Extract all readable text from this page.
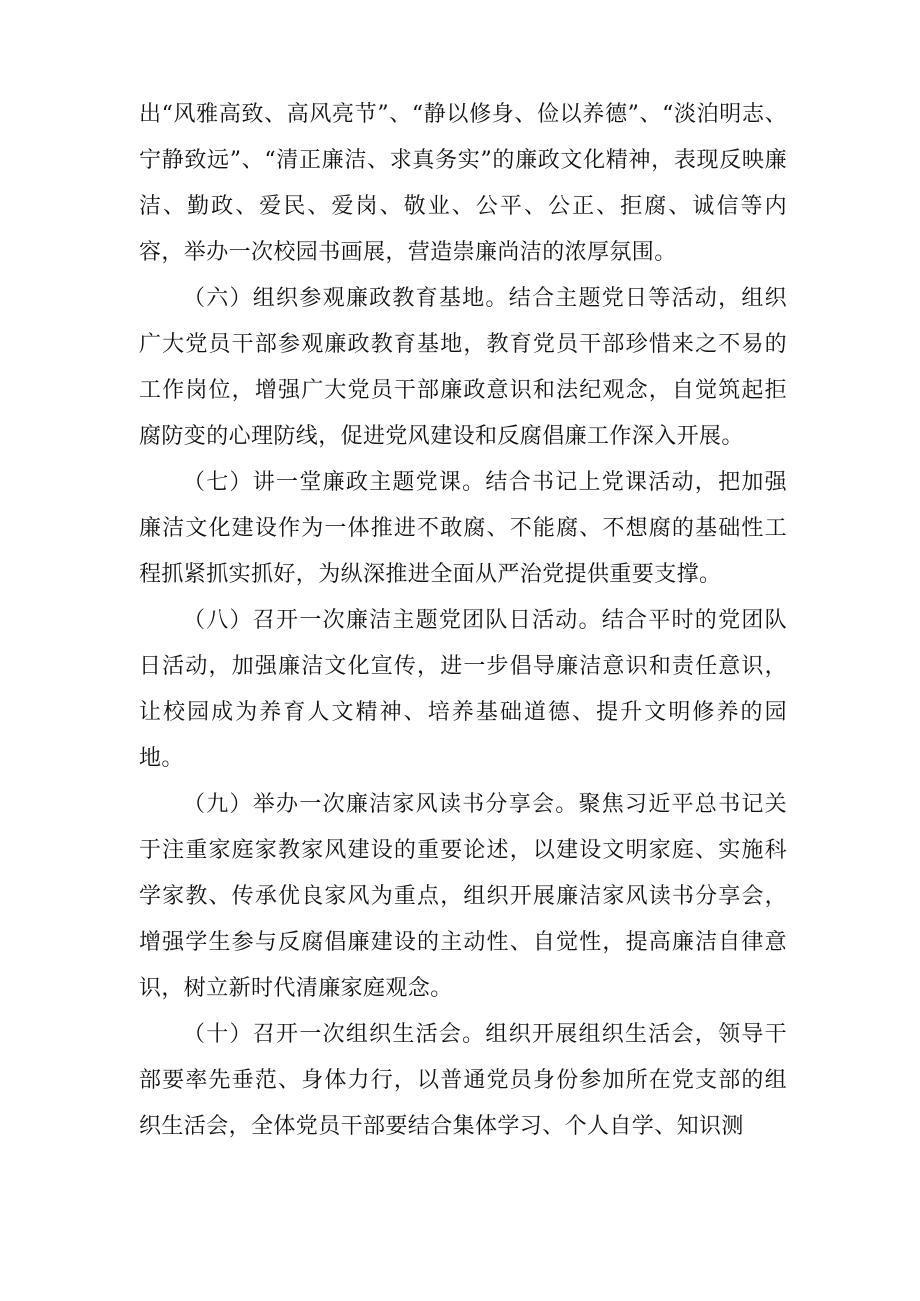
出“风雅高致、高风亮节”、“静以修身、俭以养德”、“淡泊明志、宁静致远”、“清正廉洁、求真务实”的廉政文化精神，表现反映廉洁、勤政、爱民、爱岗、敬业、公平、公正、拒腐、诚信等内容，举办一次校园书画展，营造崇廉尚洁的浓厚氛围。

（六）组织参观廉政教育基地。结合主题党日等活动，组织广大党员干部参观廉政教育基地，教育党员干部珍惜来之不易的工作岗位，增强广大党员干部廉政意识和法纪观念，自觉筑起拒腐防变的心理防线，促进党风建设和反腐倡廉工作深入开展。

（七）讲一堂廉政主题党课。结合书记上党课活动，把加强廉洁文化建设作为一体推进不敢腐、不能腐、不想腐的基础性工程抓紧抓实抓好，为纵深推进全面从严治党提供重要支撑。

（八）召开一次廉洁主题党团队日活动。结合平时的党团队日活动，加强廉洁文化宣传，进一步倡导廉洁意识和责任意识，让校园成为养育人文精神、培养基础道德、提升文明修养的园地。

（九）举办一次廉洁家风读书分享会。聚焦习近平总书记关于注重家庭家教家风建设的重要论述，以建设文明家庭、实施科学家教、传承优良家风为重点，组织开展廉洁家风读书分享会，增强学生参与反腐倡廉建设的主动性、自觉性，提高廉洁自律意识，树立新时代清廉家庭观念。

（十）召开一次组织生活会。组织开展组织生活会，领导干部要率先垂范、身体力行，以普通党员身份参加所在党支部的组织生活会，全体党员干部要结合集体学习、个人自学、知识测
